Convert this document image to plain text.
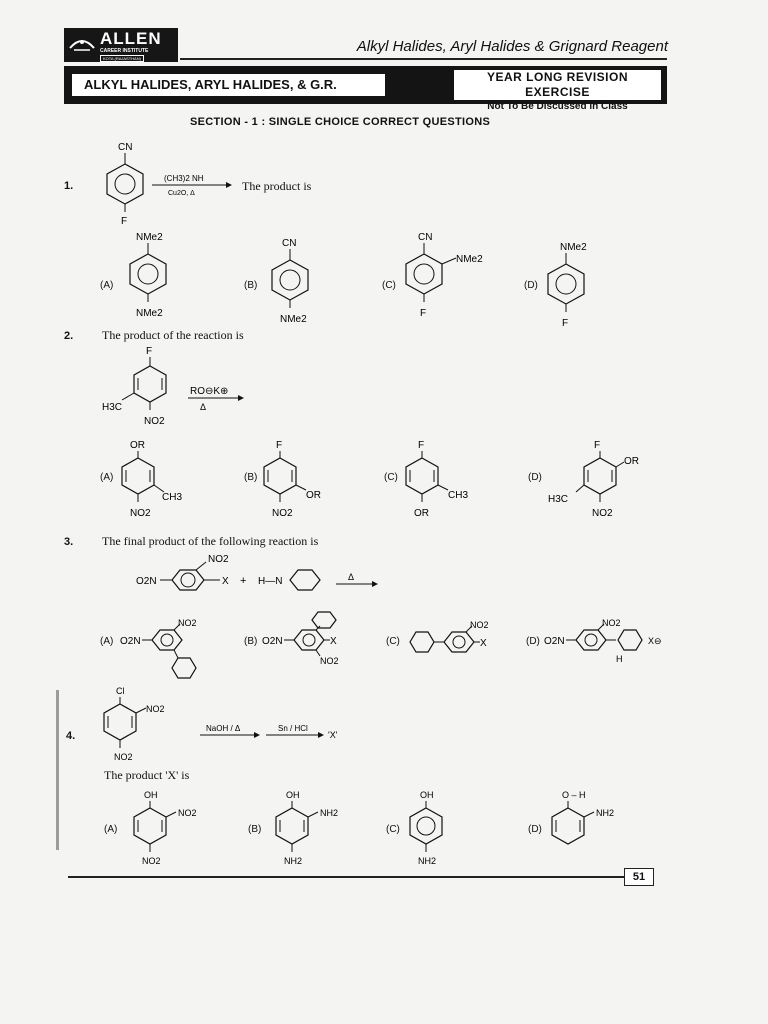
ALLEN
CAREER INSTITUTE
KOTA (RAJASTHAN)
Alkyl Halides, Aryl Halides & Grignard Reagent
ALKYL HALIDES, ARYL HALIDES, & G.R.	YEAR LONG REVISION EXERCISE
Not To Be Discussed in Class
SECTION - 1 : SINGLE CHOICE CORRECT QUESTIONS
1.
CN
F
(CH3)2 NH
Cu2O, Δ
The product is
(A)
NMe2
NMe2
(B)
CN
NMe2
(C)
CN
NMe2
F
(D)
NMe2
F
2. The product of the reaction is
F
H3C
NO2
RO⊖K⊕
Δ
(A)
OR
CH3
NO2
(B)
F
OR
NO2
(C)
F
CH3
OR
(D)
F
OR
H3C
NO2
3. The final product of the following reaction is
O2N
NO2
X + H—N	Δ
(A) O2N
NO2
(B) O2N	X
NO2
(C)
NO2
X	(D) O2N
NO2
H
X⊖
4.
Cl
NO2
NO2
NaOH / Δ	Sn / HCl
'X'
The product 'X' is
(A)
OH
NO2
NO2
(B)
OH
NH2
NH2
(C)
OH
NH2
(D)
O – H
NH2
51
